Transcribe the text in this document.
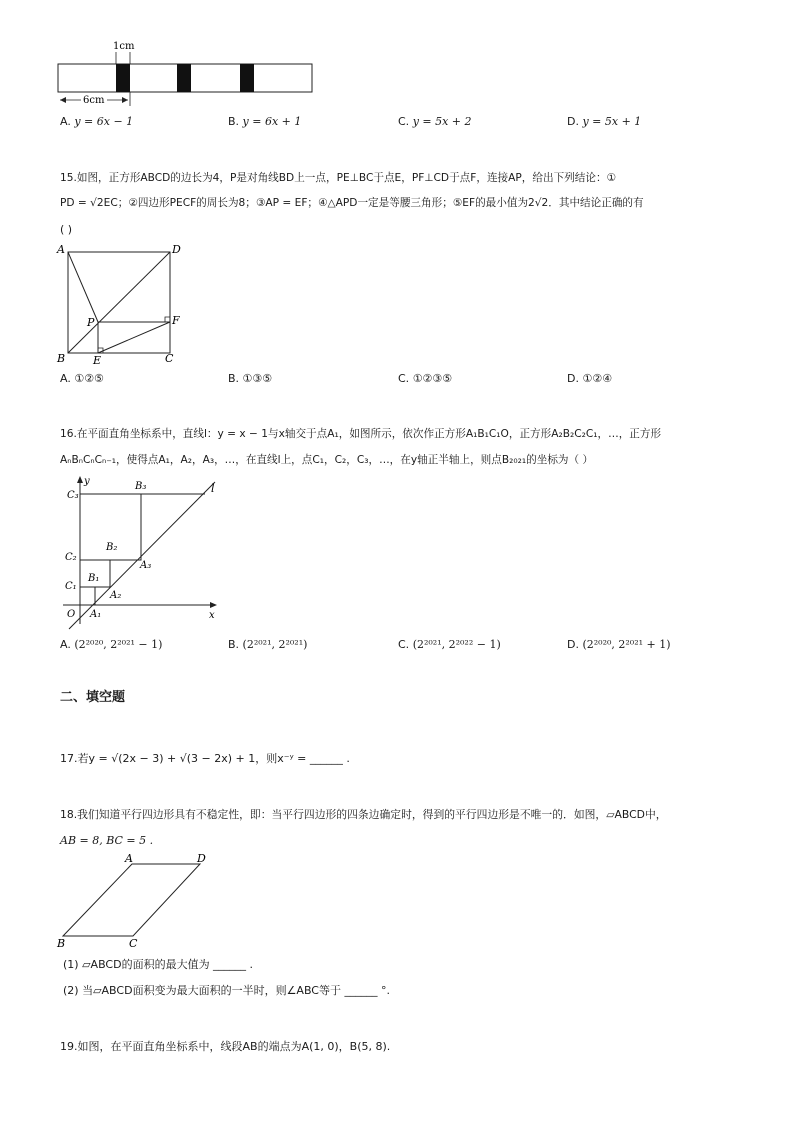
1cm
6cm
A. y = 6x − 1	B. y = 6x + 1	C. y = 5x + 2	D. y = 5x + 1
15.如图，正方形ABCD的边长为4，P是对角线BD上一点，PE⊥BC于点E，PF⊥CD于点F，连接AP，给出下列结论：①
PD = √2EC；②四边形PECF的周长为8；③AP = EF；④△APD一定是等腰三角形；⑤EF的最小值为2√2．其中结论正确的有
( )
A	D
B	C
P	F
E
A. ①②⑤	B. ①③⑤	C. ①②③⑤	D. ①②④
16.在平面直角坐标系中，直线l：y = x − 1与x轴交于点A₁，如图所示，依次作正方形A₁B₁C₁O，正方形A₂B₂C₂C₁，…，正方形
AₙBₙCₙCₙ₋₁，使得点A₁，A₂，A₃，…，在直线l上，点C₁，C₂，C₃，…，在y轴正半轴上，则点B₂₀₂₁的坐标为（ ）
y
l
C₃
B₃
C₂
B₂
A₃
C₁
B₁
A₂
O A₁	x
A. (2²⁰²⁰, 2²⁰²¹ − 1)	B. (2²⁰²¹, 2²⁰²¹)	C. (2²⁰²¹, 2²⁰²² − 1)	D. (2²⁰²⁰, 2²⁰²¹ + 1)
二、填空题
17.若y = √(2x − 3) + √(3 − 2x) + 1，则x⁻ʸ = ______ .
18.我们知道平行四边形具有不稳定性，即：当平行四边形的四条边确定时，得到的平行四边形是不唯一的．如图，▱ABCD中，
AB = 8, BC = 5 .
A	D
B	C
(1) ▱ABCD的面积的最大值为 ______ .
(2) 当▱ABCD面积变为最大面积的一半时，则∠ABC等于 ______ °.
19.如图，在平面直角坐标系中，线段AB的端点为A(1, 0)，B(5, 8).
